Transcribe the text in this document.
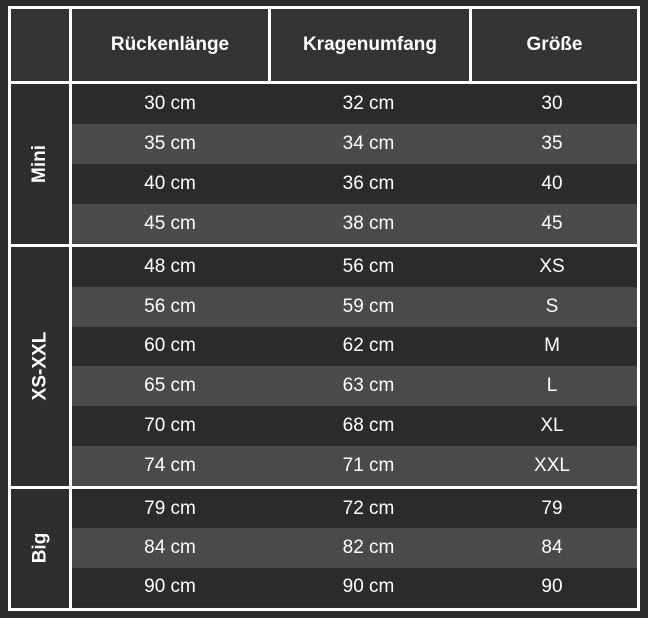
Rückenlänge	Kragenumfang	Größe
Mini
30 cm	32 cm	30
35 cm	34 cm	35
40 cm	36 cm	40
45 cm	38 cm	45
XS-XXL
48 cm	56 cm	XS
56 cm	59 cm	S
60 cm	62 cm	M
65 cm	63 cm	L
70 cm	68 cm	XL
74 cm	71 cm	XXL
Big
79 cm	72 cm	79
84 cm	82 cm	84
90 cm	90 cm	90
